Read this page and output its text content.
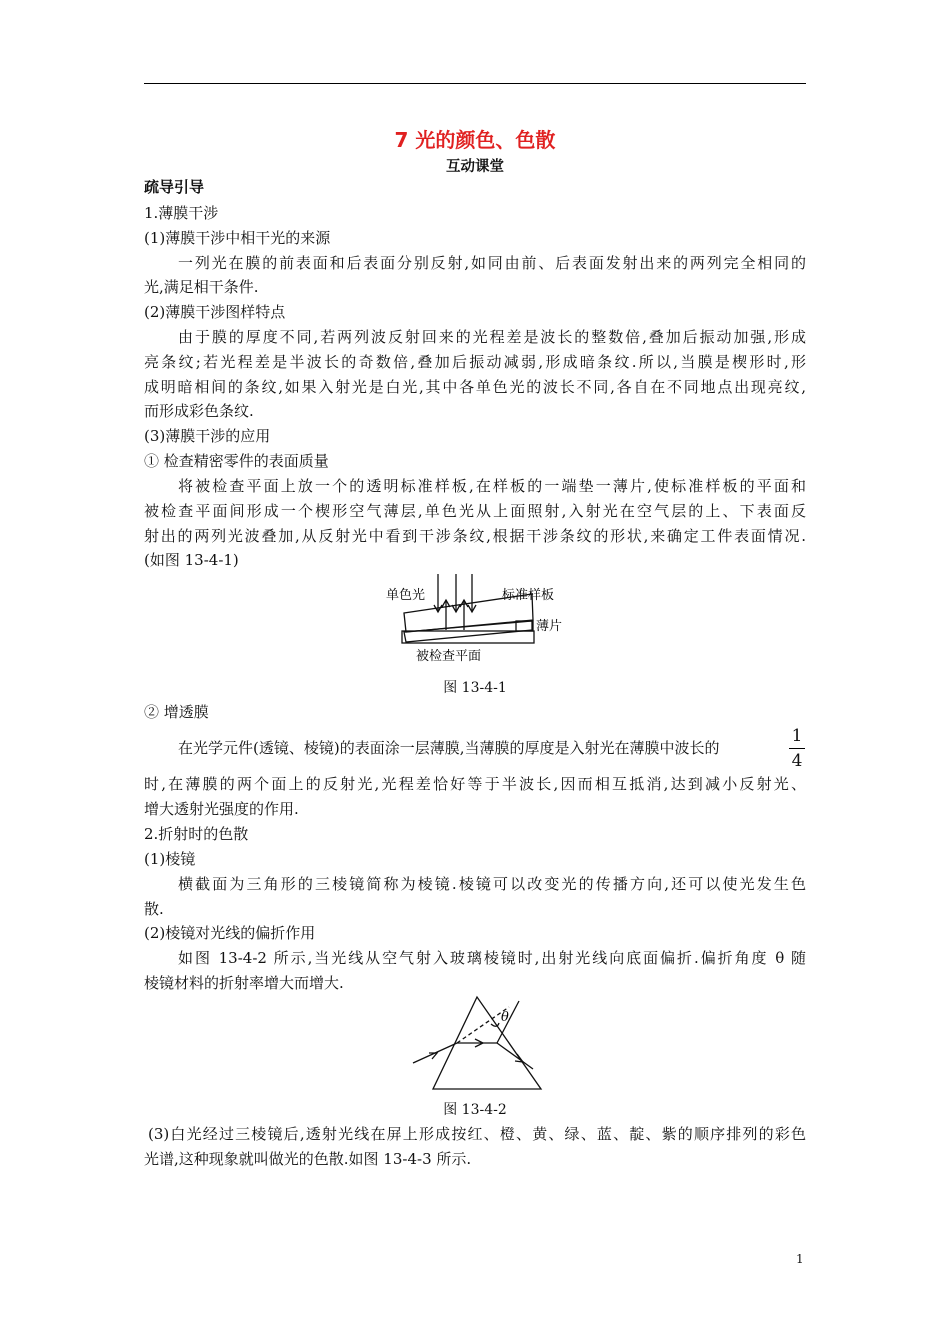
7 光的颜色、色散
互动课堂
疏导引导
1.薄膜干涉
(1)薄膜干涉中相干光的来源
一列光在膜的前表面和后表面分别反射,如同由前、后表面发射出来的两列完全相同的
光,满足相干条件.
(2)薄膜干涉图样特点
由于膜的厚度不同,若两列波反射回来的光程差是波长的整数倍,叠加后振动加强,形成
亮条纹;若光程差是半波长的奇数倍,叠加后振动减弱,形成暗条纹.所以,当膜是楔形时,形
成明暗相间的条纹,如果入射光是白光,其中各单色光的波长不同,各自在不同地点出现亮纹,
而形成彩色条纹.
(3)薄膜干涉的应用
① 检查精密零件的表面质量
将被检查平面上放一个的透明标准样板,在样板的一端垫一薄片,使标准样板的平面和
被检查平面间形成一个楔形空气薄层,单色光从上面照射,入射光在空气层的上、下表面反
射出的两列光波叠加,从反射光中看到干涉条纹,根据干涉条纹的形状,来确定工件表面情况.
(如图 13-4-1)
单色光	标准样板
薄片
被检查平面
图 13-4-1
② 增透膜
在光学元件(透镜、棱镜)的表面涂一层薄膜,当薄膜的厚度是入射光在薄膜中波长的
1
4
时,在薄膜的两个面上的反射光,光程差恰好等于半波长,因而相互抵消,达到减小反射光、
增大透射光强度的作用.
2.折射时的色散
(1)棱镜
横截面为三角形的三棱镜简称为棱镜.棱镜可以改变光的传播方向,还可以使光发生色
散.
(2)棱镜对光线的偏折作用
如图 13-4-2 所示,当光线从空气射入玻璃棱镜时,出射光线向底面偏折.偏折角度 θ 随
棱镜材料的折射率增大而增大.
θ
图 13-4-2
(3)白光经过三棱镜后,透射光线在屏上形成按红、橙、黄、绿、蓝、靛、紫的顺序排列的彩色
光谱,这种现象就叫做光的色散.如图 13-4-3 所示.
1
